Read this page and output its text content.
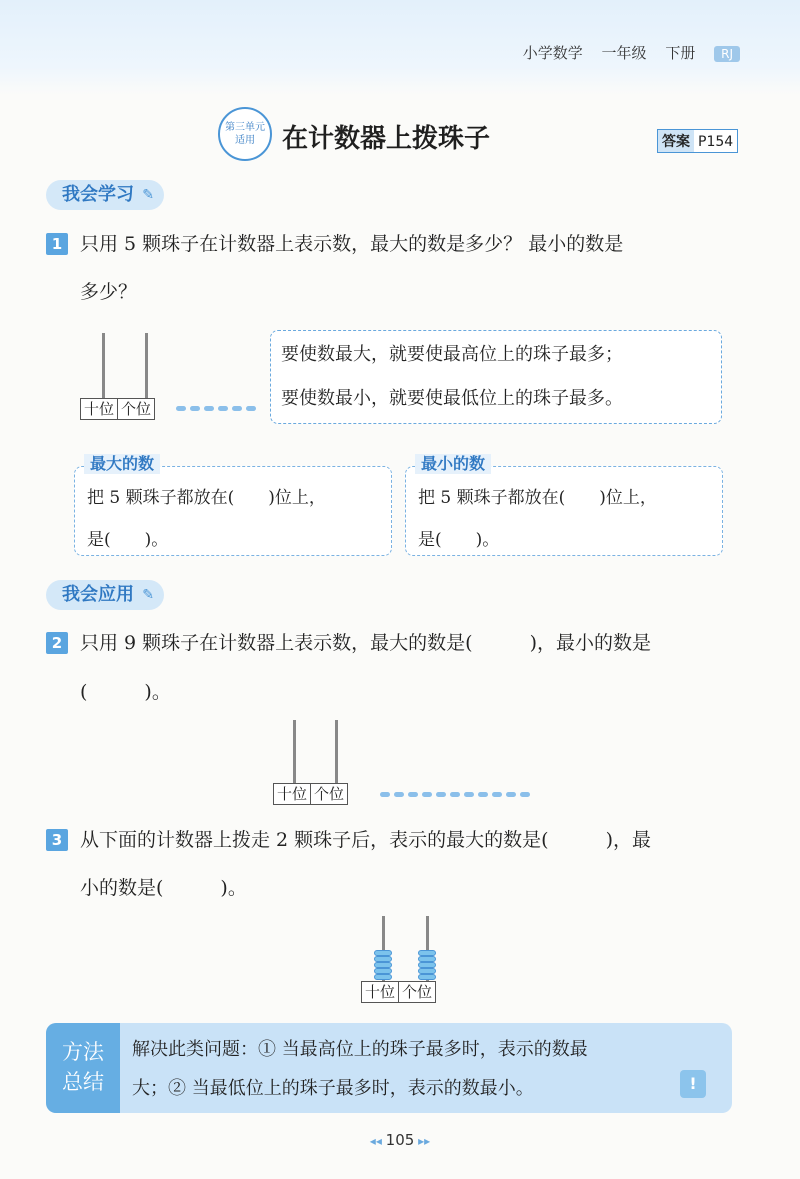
小学数学 一年级 下册 RJ
第三单元
适用	在计数器上拨珠子	答案 P154
我会学习 ✎
1 只用 5 颗珠子在计数器上表示数，最大的数是多少？ 最小的数是
多少？
十位 个位
要使数最大，就要使最高位上的珠子最多；
要使数最小，就要使最低位上的珠子最多。
把 5 颗珠子都放在(　　)位上，
是(　　)。
最大的数
把 5 颗珠子都放在(　　)位上，
是(　　)。
最小的数
我会应用 ✎
2 只用 9 颗珠子在计数器上表示数，最大的数是(　　　)，最小的数是
(　　　)。
十位 个位
3 从下面的计数器上拨走 2 颗珠子后，表示的最大的数是(　　　)，最
小的数是(　　　)。
十位 个位
方法
总结
解决此类问题：① 当最高位上的珠子最多时，表示的数最
大；② 当最低位上的珠子最多时，表示的数最小。	!
◂◂ 105 ▸▸
